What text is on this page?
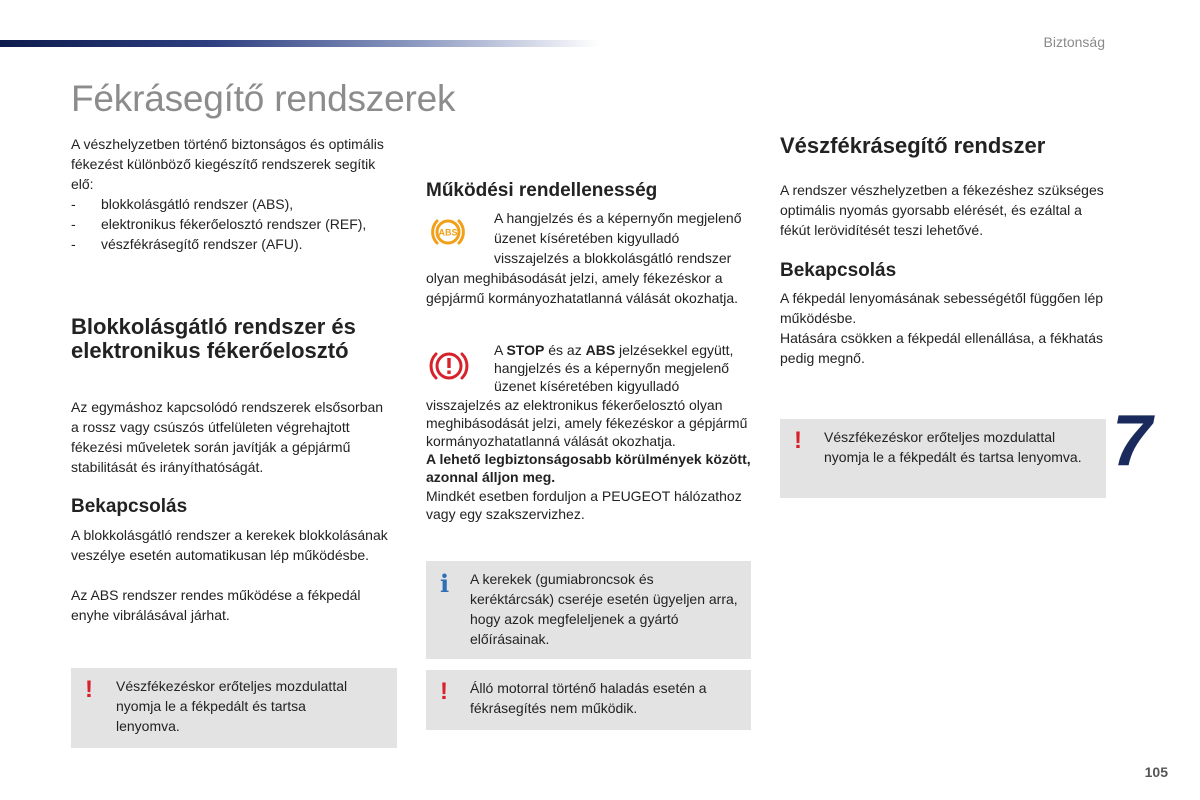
Biztonság
Fékrásegítő rendszerek

A vészhelyzetben történő biztonságos és optimális fékezést különböző kiegészítő rendszerek segítik elő:

- blokkolásgátló rendszer (ABS),
- elektronikus fékerőelosztó rendszer (REF),
- vészfékrásegítő rendszer (AFU).
Blokkolásgátló rendszer és elektronikus fékerőelosztó

Az egymáshoz kapcsolódó rendszerek elsősorban a rossz vagy csúszós útfelületen végrehajtott fékezési műveletek során javítják a gépjármű stabilitását és irányíthatóságát.

Bekapcsolás

A blokkolásgátló rendszer a kerekek blokkolásának veszélye esetén automatikusan lép működésbe.

Az ABS rendszer rendes működése a fékpedál enyhe vibrálásával járhat.

! Vészfékezéskor erőteljes mozdulattal nyomja le a fékpedált és tartsa lenyomva.
Működési rendellenesség
ABS
A hangjelzés és a képernyőn megjelenő üzenet kíséretében kigyulladó visszajelzés a blokkolásgátló rendszer olyan meghibásodását jelzi, amely fékezéskor a gépjármű kormányozhatatlanná válását okozhatja.
A STOP és az ABS jelzésekkel együtt, hangjelzés és a képernyőn megjelenő üzenet kíséretében kigyulladó visszajelzés az elektronikus fékerőelosztó olyan meghibásodását jelzi, amely fékezéskor a gépjármű kormányozhatatlanná válását okozhatja.
A lehető legbiztonságosabb körülmények között, azonnal álljon meg.
Mindkét esetben forduljon a PEUGEOT hálózathoz vagy egy szakszervizhez.
i A kerekek (gumiabroncsok és keréktárcsák) cseréje esetén ügyeljen arra, hogy azok megfeleljenek a gyártó előírásainak.
! Álló motorral történő haladás esetén a fékrásegítés nem működik.
Vészfékrásegítő rendszer

A rendszer vészhelyzetben a fékezéshez szükséges optimális nyomás gyorsabb elérését, és ezáltal a fékút lerövidítését teszi lehetővé.

Bekapcsolás

A fékpedál lenyomásának sebességétől függően lép működésbe.

Hatására csökken a fékpedál ellenállása, a fékhatás pedig megnő.

! Vészfékezéskor erőteljes mozdulattal nyomja le a fékpedált és tartsa lenyomva. 7
105
